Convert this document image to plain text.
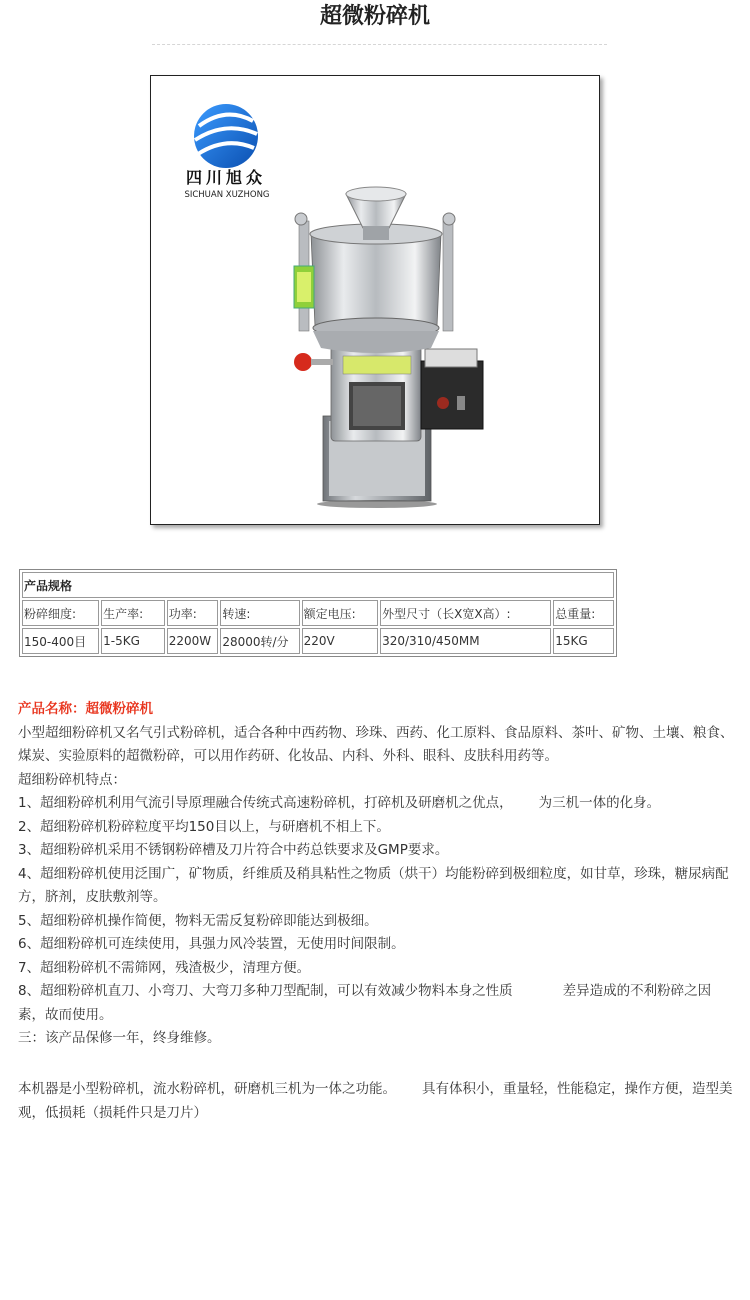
超微粉碎机
四川旭众
SICHUAN XUZHONG
产品规格						
粉碎细度:	生产率:	功率:	转速:	额定电压:	外型尺寸（长X宽X高）:	总重量:
150-400目	1-5KG	2200W	28000转/分	220V	320/310/450MM	15KG
产品名称：超微粉碎机
小型超细粉碎机又名气引式粉碎机，适合各种中西药物、珍珠、西药、化工原料、食品原料、茶叶、矿物、土壤、粮食、煤炭、实验原料的超微粉碎，可以用作药研、化妆品、内科、外科、眼科、皮肤科用药等。
超细粉碎机特点：
1、超细粉碎机利用气流引导原理融合传统式高速粉碎机，打碎机及研磨机之优点， 为三机一体的化身。
2、超细粉碎机粉碎粒度平均150目以上，与研磨机不相上下。
3、超细粉碎机采用不锈钢粉碎槽及刀片符合中药总铁要求及GMP要求。
4、超细粉碎机使用泛围广，矿物质，纤维质及稍具粘性之物质（烘干）均能粉碎到极细粒度，如甘草，珍珠，糖尿病配方，脐剂，皮肤敷剂等。
5、超细粉碎机操作简便，物料无需反复粉碎即能达到极细。
6、超细粉碎机可连续使用，具强力风冷装置，无使用时间限制。
7、超细粉碎机不需筛网，残渣极少，清理方便。
8、超细粉碎机直刀、小弯刀、大弯刀多种刀型配制，可以有效减少物料本身之性质	差异造成的不利粉碎之因素，故而使用。
三：该产品保修一年，终身维修。
本机器是小型粉碎机，流水粉碎机，研磨机三机为一体之功能。 具有体积小，重量轻，性能稳定，操作方便，造型美观，低损耗（损耗件只是刀片）
